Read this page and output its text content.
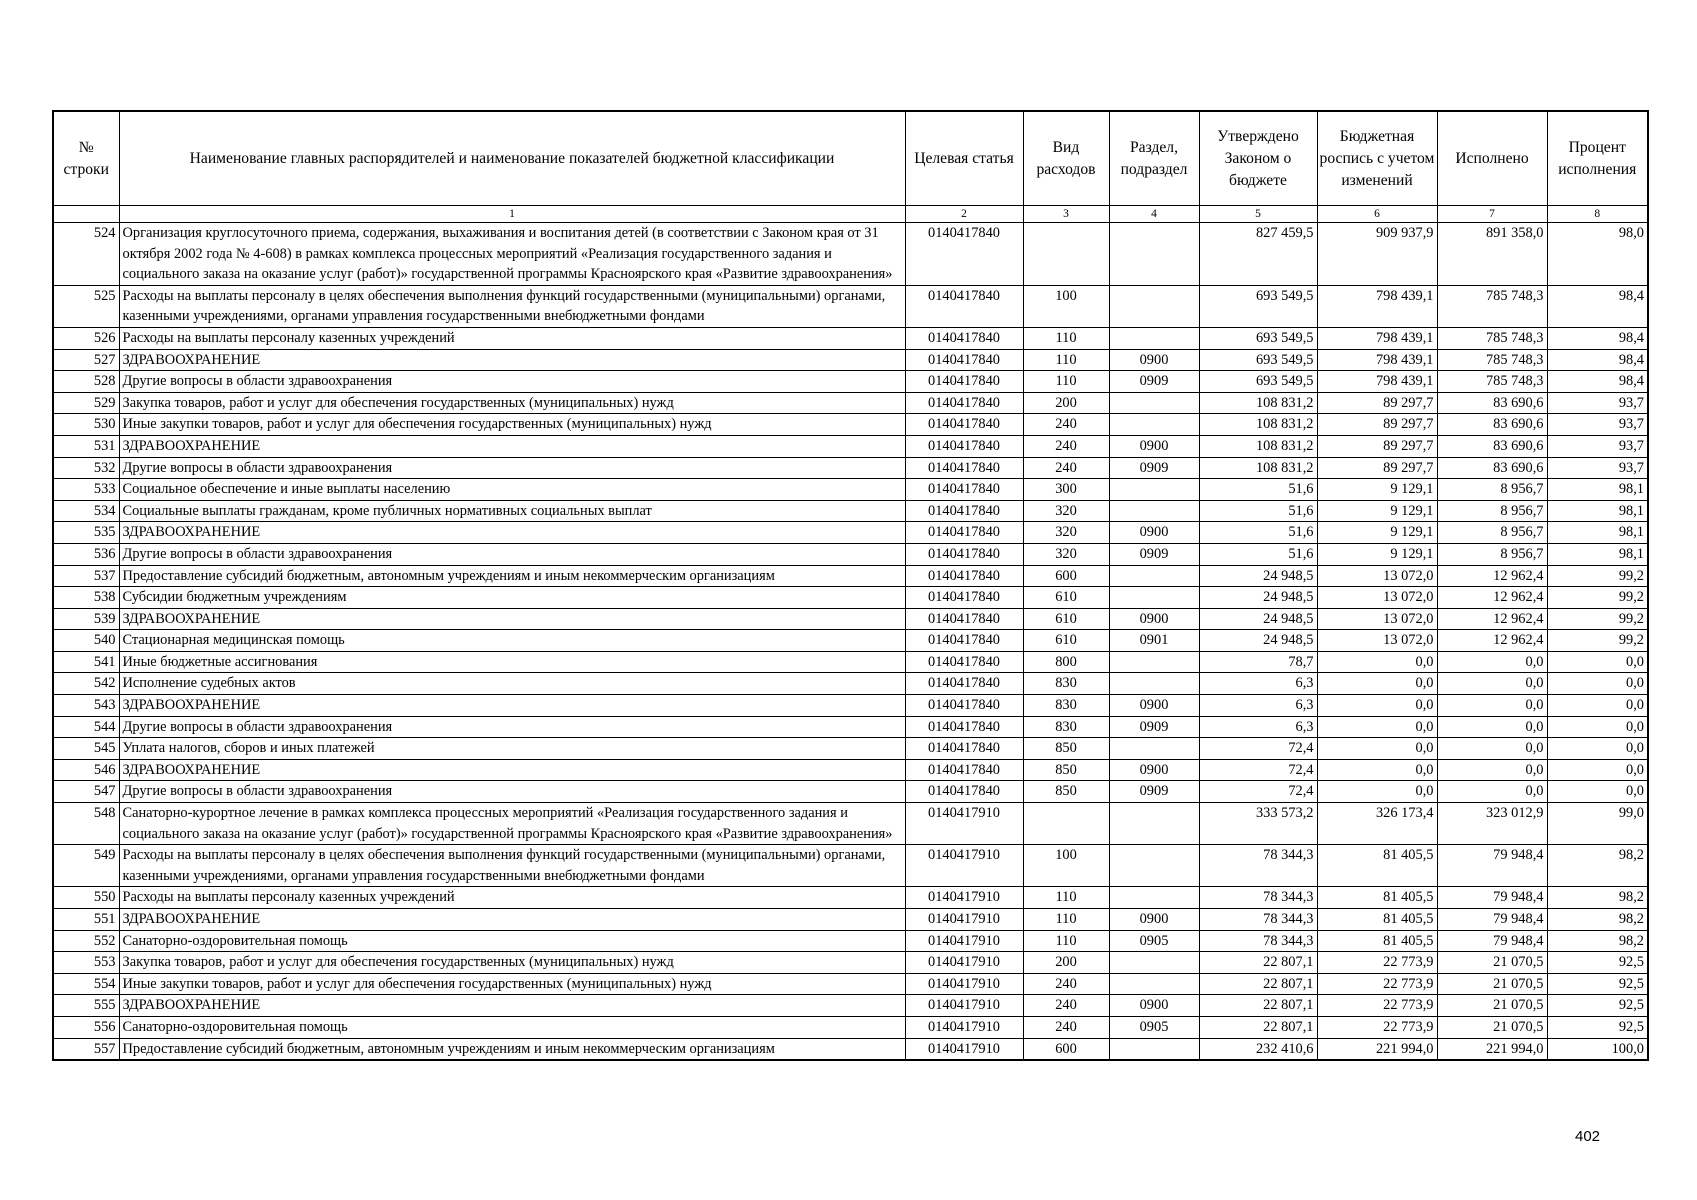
№ строки	Наименование главных распорядителей и наименование показателей бюджетной классификации	Целевая статья	Вид расходов	Раздел, подраздел	Утверждено Законом о бюджете	Бюджетная роспись с учетом изменений	Исполнено	Процент исполнения
	1	2	3	4	5	6	7	8
524	Организация круглосуточного приема, содержания, выхаживания и воспитания детей (в соответствии с Законом края от 31 октября 2002 года № 4-608) в рамках комплекса процессных мероприятий «Реализация государственного задания и социального заказа на оказание услуг (работ)» государственной программы Красноярского края «Развитие здравоохранения»	0140417840			827 459,5	909 937,9	891 358,0	98,0
525	Расходы на выплаты персоналу в целях обеспечения выполнения функций государственными (муниципальными) органами, казенными учреждениями, органами управления государственными внебюджетными фондами	0140417840	100		693 549,5	798 439,1	785 748,3	98,4
526	Расходы на выплаты персоналу казенных учреждений	0140417840	110		693 549,5	798 439,1	785 748,3	98,4
527	ЗДРАВООХРАНЕНИЕ	0140417840	110	0900	693 549,5	798 439,1	785 748,3	98,4
528	Другие вопросы в области здравоохранения	0140417840	110	0909	693 549,5	798 439,1	785 748,3	98,4
529	Закупка товаров, работ и услуг для обеспечения государственных (муниципальных) нужд	0140417840	200		108 831,2	89 297,7	83 690,6	93,7
530	Иные закупки товаров, работ и услуг для обеспечения государственных (муниципальных) нужд	0140417840	240		108 831,2	89 297,7	83 690,6	93,7
531	ЗДРАВООХРАНЕНИЕ	0140417840	240	0900	108 831,2	89 297,7	83 690,6	93,7
532	Другие вопросы в области здравоохранения	0140417840	240	0909	108 831,2	89 297,7	83 690,6	93,7
533	Социальное обеспечение и иные выплаты населению	0140417840	300		51,6	9 129,1	8 956,7	98,1
534	Социальные выплаты гражданам, кроме публичных нормативных социальных выплат	0140417840	320		51,6	9 129,1	8 956,7	98,1
535	ЗДРАВООХРАНЕНИЕ	0140417840	320	0900	51,6	9 129,1	8 956,7	98,1
536	Другие вопросы в области здравоохранения	0140417840	320	0909	51,6	9 129,1	8 956,7	98,1
537	Предоставление субсидий бюджетным, автономным учреждениям и иным некоммерческим организациям	0140417840	600		24 948,5	13 072,0	12 962,4	99,2
538	Субсидии бюджетным учреждениям	0140417840	610		24 948,5	13 072,0	12 962,4	99,2
539	ЗДРАВООХРАНЕНИЕ	0140417840	610	0900	24 948,5	13 072,0	12 962,4	99,2
540	Стационарная медицинская помощь	0140417840	610	0901	24 948,5	13 072,0	12 962,4	99,2
541	Иные бюджетные ассигнования	0140417840	800		78,7	0,0	0,0	0,0
542	Исполнение судебных актов	0140417840	830		6,3	0,0	0,0	0,0
543	ЗДРАВООХРАНЕНИЕ	0140417840	830	0900	6,3	0,0	0,0	0,0
544	Другие вопросы в области здравоохранения	0140417840	830	0909	6,3	0,0	0,0	0,0
545	Уплата налогов, сборов и иных платежей	0140417840	850		72,4	0,0	0,0	0,0
546	ЗДРАВООХРАНЕНИЕ	0140417840	850	0900	72,4	0,0	0,0	0,0
547	Другие вопросы в области здравоохранения	0140417840	850	0909	72,4	0,0	0,0	0,0
548	Санаторно-курортное лечение в рамках комплекса процессных мероприятий «Реализация государственного задания и социального заказа на оказание услуг (работ)» государственной программы Красноярского края «Развитие здравоохранения»	0140417910			333 573,2	326 173,4	323 012,9	99,0
549	Расходы на выплаты персоналу в целях обеспечения выполнения функций государственными (муниципальными) органами, казенными учреждениями, органами управления государственными внебюджетными фондами	0140417910	100		78 344,3	81 405,5	79 948,4	98,2
550	Расходы на выплаты персоналу казенных учреждений	0140417910	110		78 344,3	81 405,5	79 948,4	98,2
551	ЗДРАВООХРАНЕНИЕ	0140417910	110	0900	78 344,3	81 405,5	79 948,4	98,2
552	Санаторно-оздоровительная помощь	0140417910	110	0905	78 344,3	81 405,5	79 948,4	98,2
553	Закупка товаров, работ и услуг для обеспечения государственных (муниципальных) нужд	0140417910	200		22 807,1	22 773,9	21 070,5	92,5
554	Иные закупки товаров, работ и услуг для обеспечения государственных (муниципальных) нужд	0140417910	240		22 807,1	22 773,9	21 070,5	92,5
555	ЗДРАВООХРАНЕНИЕ	0140417910	240	0900	22 807,1	22 773,9	21 070,5	92,5
556	Санаторно-оздоровительная помощь	0140417910	240	0905	22 807,1	22 773,9	21 070,5	92,5
557	Предоставление субсидий бюджетным, автономным учреждениям и иным некоммерческим организациям	0140417910	600		232 410,6	221 994,0	221 994,0	100,0
402
